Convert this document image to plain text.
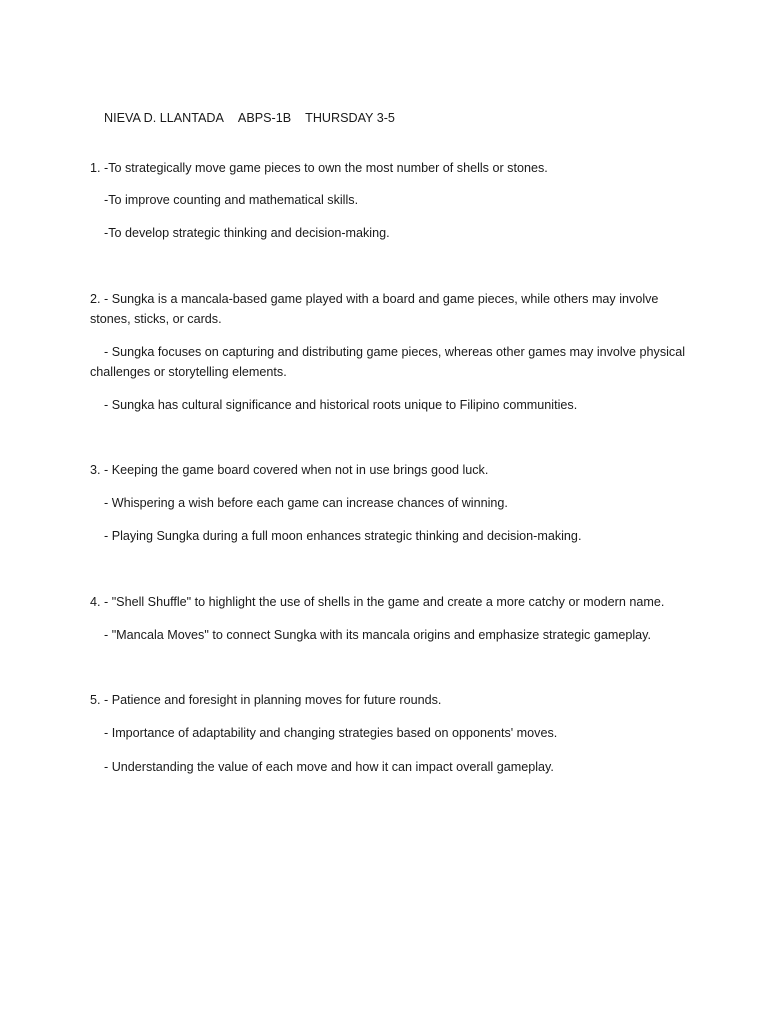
NIEVA D. LLANTADA ABPS-1B THURSDAY 3-5

1. -To strategically move game pieces to own the most number of shells or stones.
-To improve counting and mathematical skills.
-To develop strategic thinking and decision-making.
2. - Sungka is a mancala-based game played with a board and game pieces, while others may involve stones, sticks, or cards.
- Sungka focuses on capturing and distributing game pieces, whereas other games may involve physical challenges or storytelling elements.
- Sungka has cultural significance and historical roots unique to Filipino communities.
3. - Keeping the game board covered when not in use brings good luck.
- Whispering a wish before each game can increase chances of winning.
- Playing Sungka during a full moon enhances strategic thinking and decision-making.
4. - "Shell Shuffle" to highlight the use of shells in the game and create a more catchy or modern name.
- "Mancala Moves" to connect Sungka with its mancala origins and emphasize strategic gameplay.
5. - Patience and foresight in planning moves for future rounds.
- Importance of adaptability and changing strategies based on opponents' moves.
- Understanding the value of each move and how it can impact overall gameplay.
